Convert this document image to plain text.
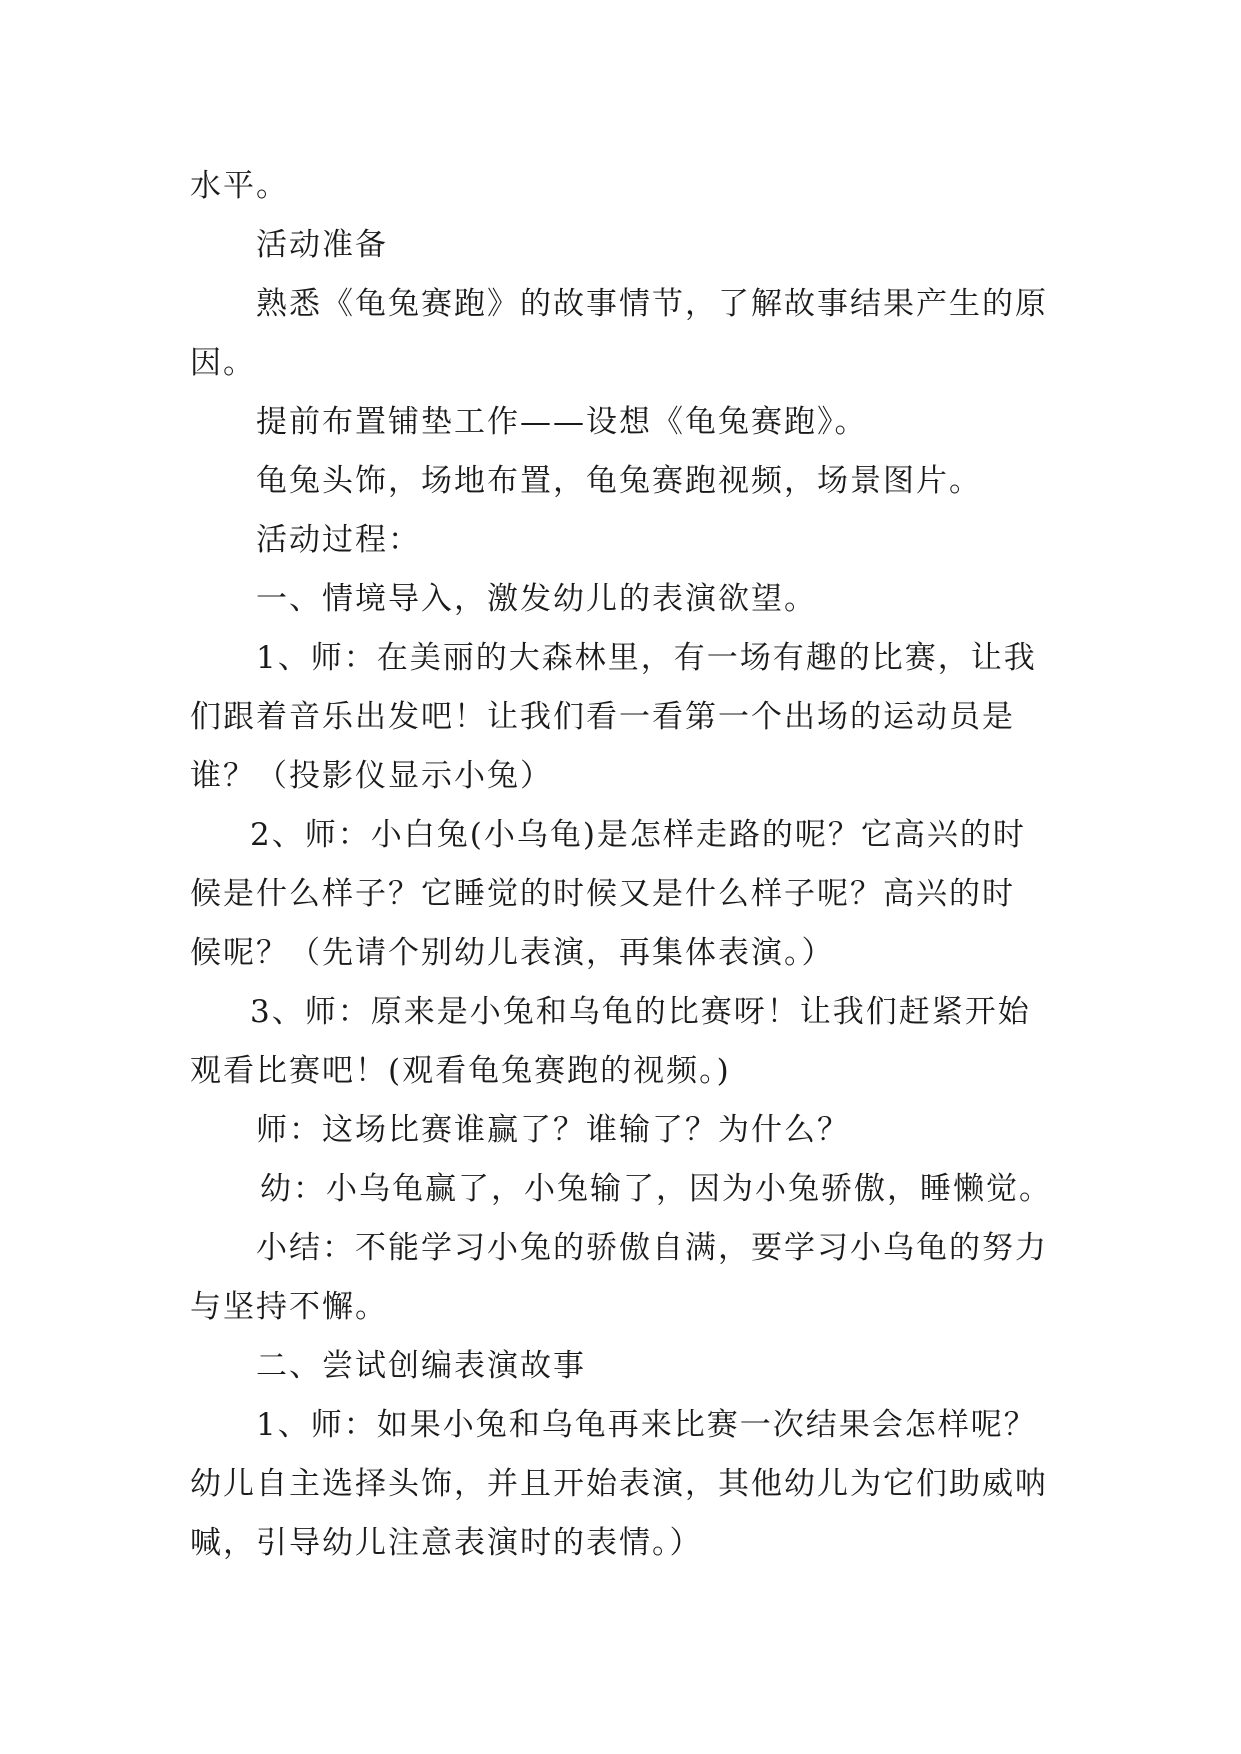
水平。
活动准备
熟悉《龟兔赛跑》的故事情节，了解故事结果产生的原
因。
提前布置铺垫工作——设想《龟兔赛跑》。
龟兔头饰，场地布置，龟兔赛跑视频，场景图片。
活动过程：
一、情境导入，激发幼儿的表演欲望。
1、师：在美丽的大森林里，有一场有趣的比赛，让我
们跟着音乐出发吧！让我们看一看第一个出场的运动员是
谁？（投影仪显示小兔）
2、师：小白兔(小乌龟)是怎样走路的呢？它高兴的时
候是什么样子？它睡觉的时候又是什么样子呢？高兴的时
候呢？（先请个别幼儿表演，再集体表演。）
3、师：原来是小兔和乌龟的比赛呀！让我们赶紧开始
观看比赛吧！(观看龟兔赛跑的视频。)
师：这场比赛谁赢了？谁输了？为什么？
幼：小乌龟赢了，小兔输了，因为小兔骄傲，睡懒觉。
小结：不能学习小兔的骄傲自满，要学习小乌龟的努力
与坚持不懈。
二、尝试创编表演故事
1、师：如果小兔和乌龟再来比赛一次结果会怎样呢？
幼儿自主选择头饰，并且开始表演，其他幼儿为它们助威呐
喊，引导幼儿注意表演时的表情。）
